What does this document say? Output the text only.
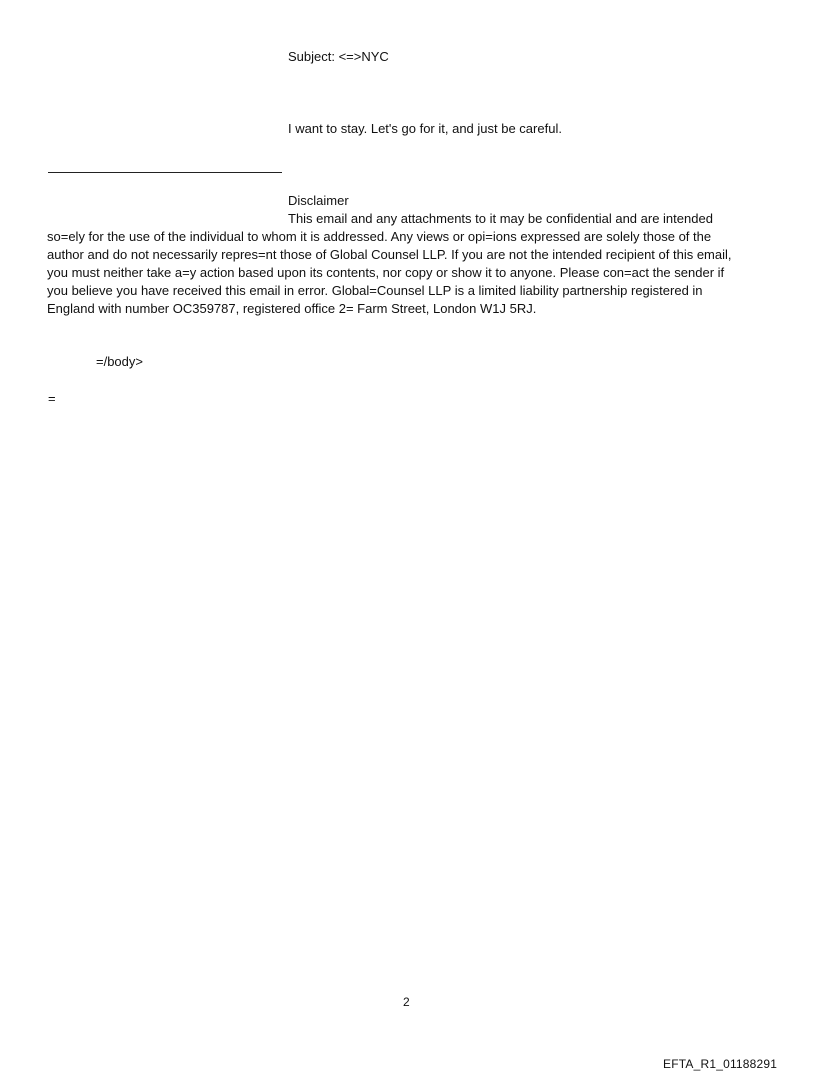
Subject: <=>NYC
I want to stay. Let's go for it, and just be careful.
Disclaimer
This email and any attachments to it may be confidential and are intended
so=ely for the use of the individual to whom it is addressed. Any views or opi=ions expressed are solely those of the
author and do not necessarily repres=nt those of Global Counsel LLP. If you are not the intended recipient of this email,
you must neither take a=y action based upon its contents, nor copy or show it to anyone. Please con=act the sender if
you believe you have received this email in error. Global=Counsel LLP is a limited liability partnership registered in
England with number OC359787, registered office 2= Farm Street, London W1J 5RJ.
=/body>
=
2
EFTA_R1_01188291
